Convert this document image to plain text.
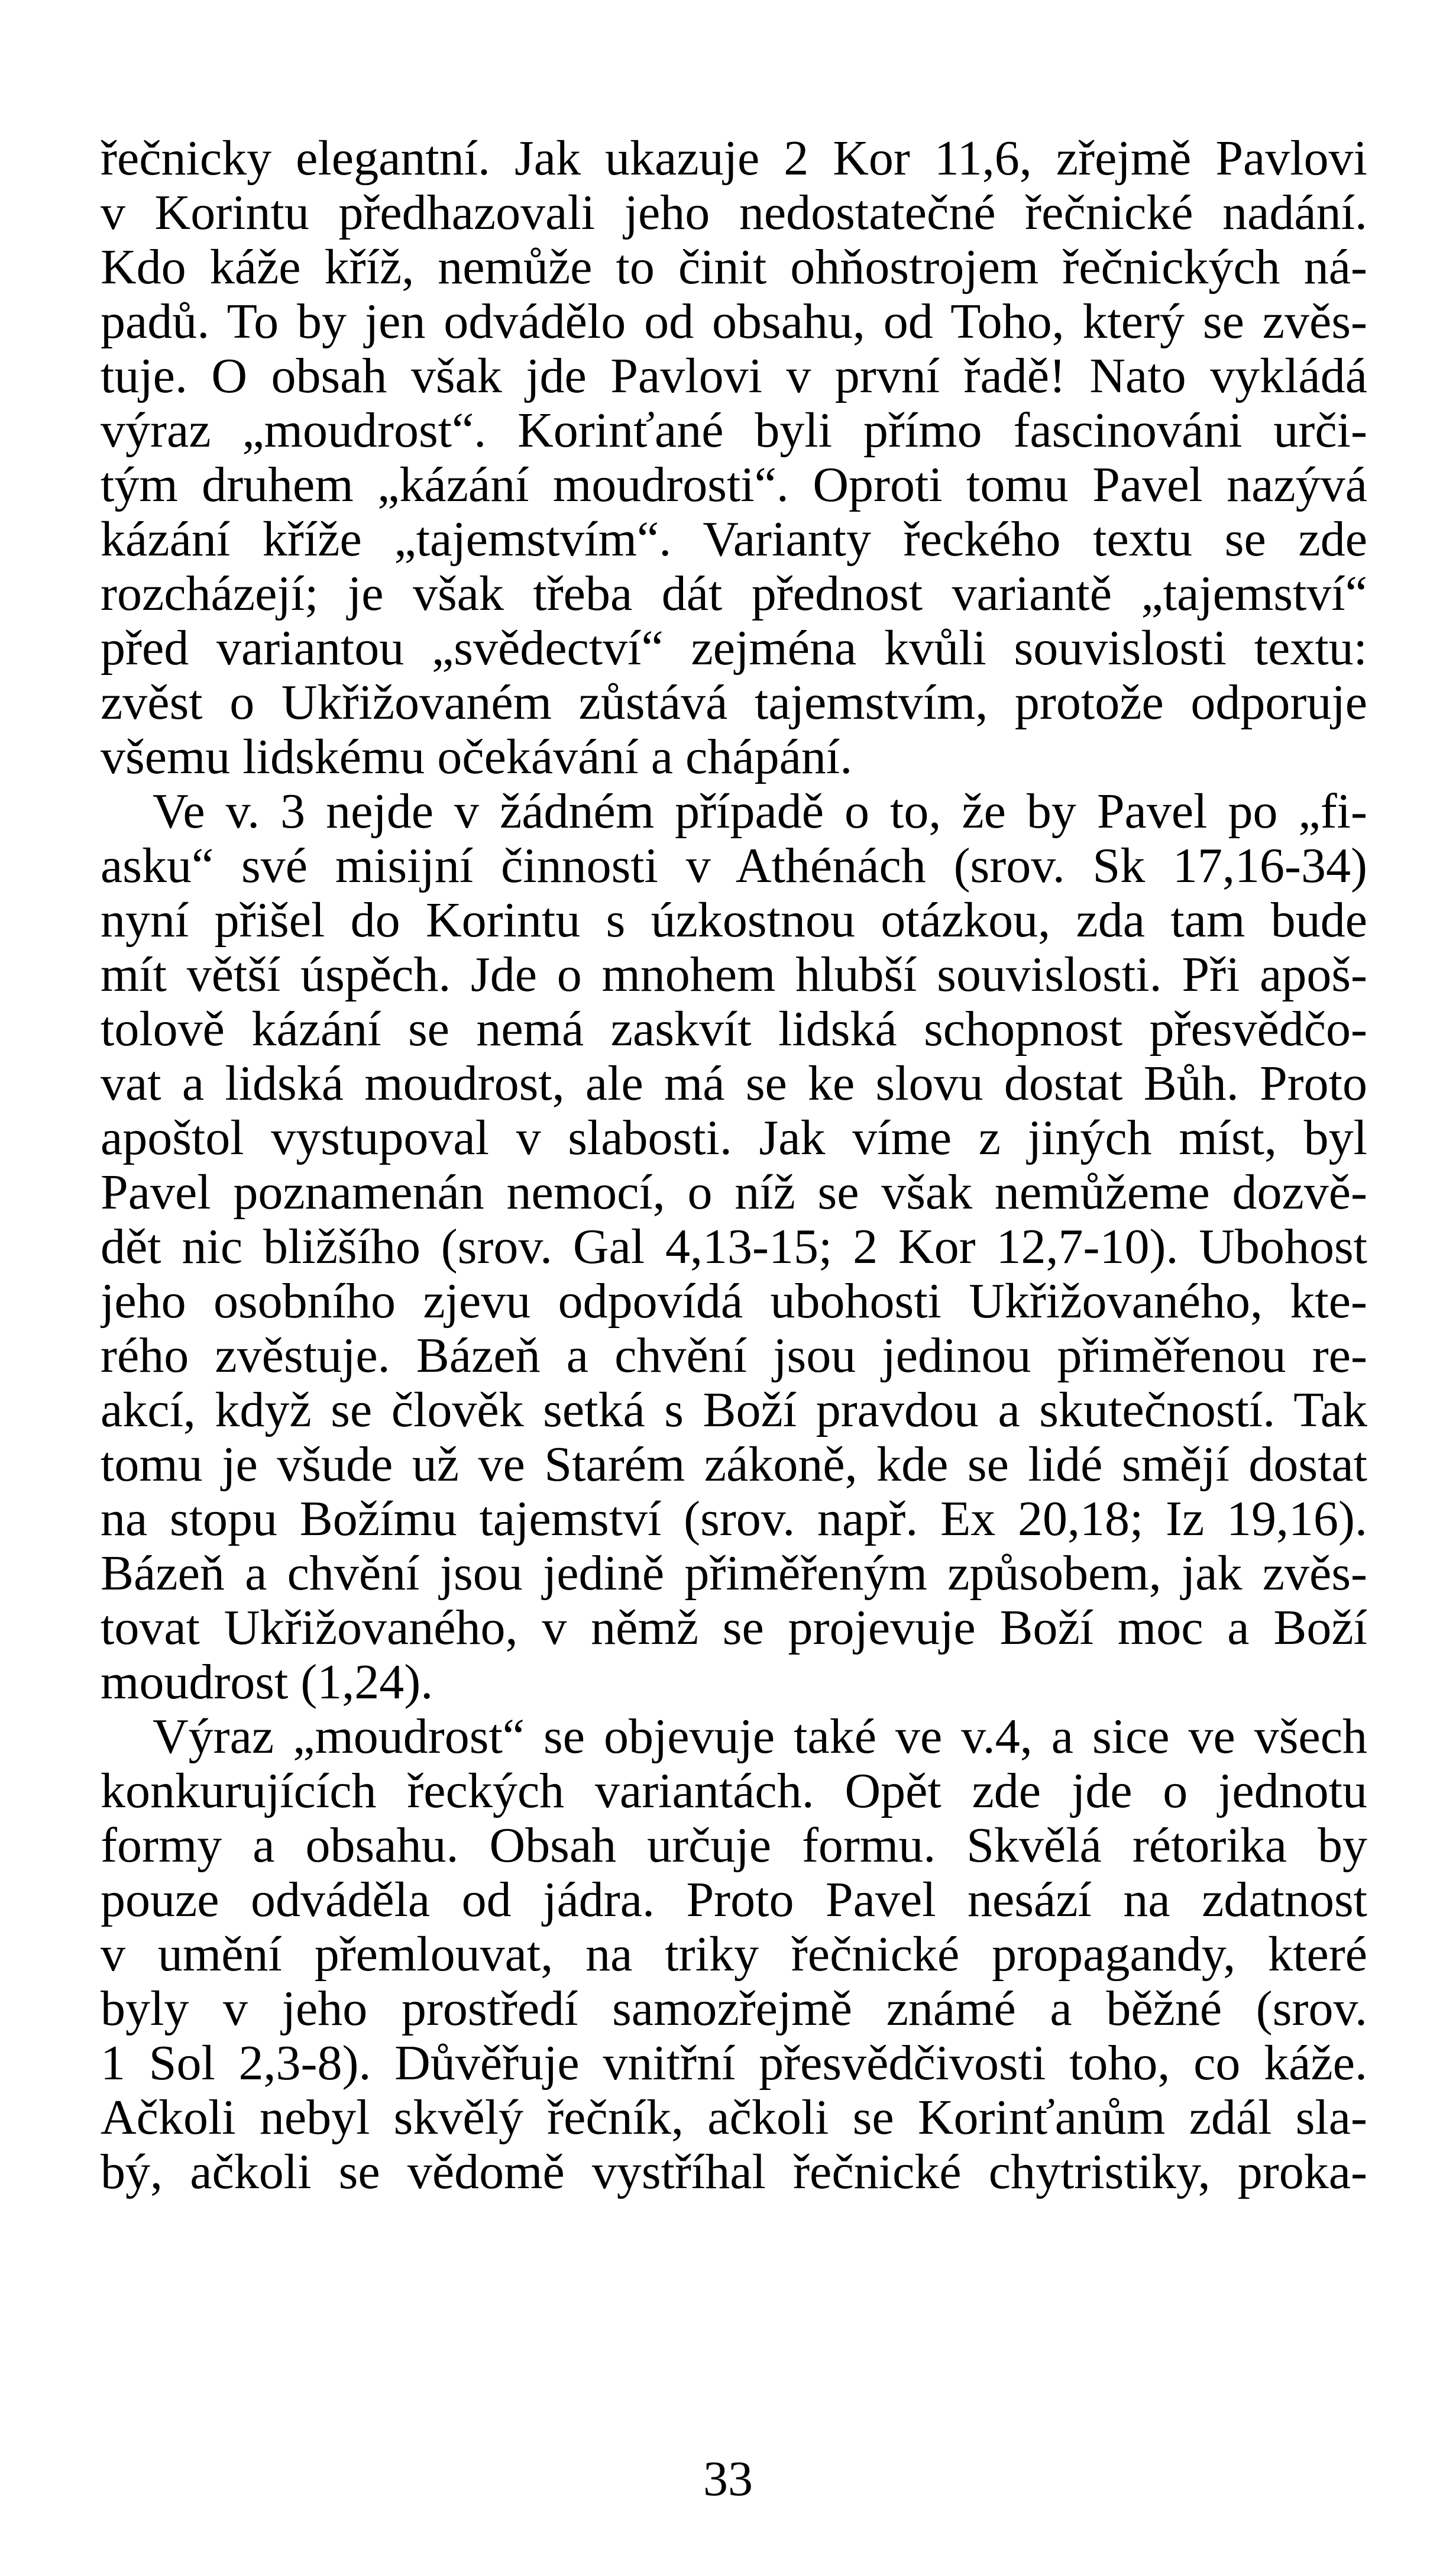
řečnicky elegantní. Jak ukazuje 2 Kor 11,6, zřejmě Pavlovi
v Korintu předhazovali jeho nedostatečné řečnické nadání.
Kdo káže kříž, nemůže to činit ohňostrojem řečnických ná-
padů. To by jen odvádělo od obsahu, od Toho, který se zvěs-
tuje. O obsah však jde Pavlovi v první řadě! Nato vykládá
výraz „moudrost“. Korinťané byli přímo fascinováni urči-
tým druhem „kázání moudrosti“. Oproti tomu Pavel nazývá
kázání kříže „tajemstvím“. Varianty řeckého textu se zde
rozcházejí; je však třeba dát přednost variantě „tajemství“
před variantou „svědectví“ zejména kvůli souvislosti textu:
zvěst o Ukřižovaném zůstává tajemstvím, protože odporuje
všemu lidskému očekávání a chápání.
Ve v. 3 nejde v žádném případě o to, že by Pavel po „fi-
asku“ své misijní činnosti v Athénách (srov. Sk 17,16-34)
nyní přišel do Korintu s úzkostnou otázkou, zda tam bude
mít větší úspěch. Jde o mnohem hlubší souvislosti. Při apoš-
tolově kázání se nemá zaskvít lidská schopnost přesvědčo-
vat a lidská moudrost, ale má se ke slovu dostat Bůh. Proto
apoštol vystupoval v slabosti. Jak víme z jiných míst, byl
Pavel poznamenán nemocí, o níž se však nemůžeme dozvě-
dět nic bližšího (srov. Gal 4,13-15; 2 Kor 12,7-10). Ubohost
jeho osobního zjevu odpovídá ubohosti Ukřižovaného, kte-
rého zvěstuje. Bázeň a chvění jsou jedinou přiměřenou re-
akcí, když se člověk setká s Boží pravdou a skutečností. Tak
tomu je všude už ve Starém zákoně, kde se lidé smějí dostat
na stopu Božímu tajemství (srov. např. Ex 20,18; Iz 19,16).
Bázeň a chvění jsou jedině přiměřeným způsobem, jak zvěs-
tovat Ukřižovaného, v němž se projevuje Boží moc a Boží
moudrost (1,24).
Výraz „moudrost“ se objevuje také ve v.4, a sice ve všech
konkurujících řeckých variantách. Opět zde jde o jednotu
formy a obsahu. Obsah určuje formu. Skvělá rétorika by
pouze odváděla od jádra. Proto Pavel nesází na zdatnost
v umění přemlouvat, na triky řečnické propagandy, které
byly v jeho prostředí samozřejmě známé a běžné (srov.
1 Sol 2,3-8). Důvěřuje vnitřní přesvědčivosti toho, co káže.
Ačkoli nebyl skvělý řečník, ačkoli se Korinťanům zdál sla-
bý, ačkoli se vědomě vystříhal řečnické chytristiky, proka-
33
